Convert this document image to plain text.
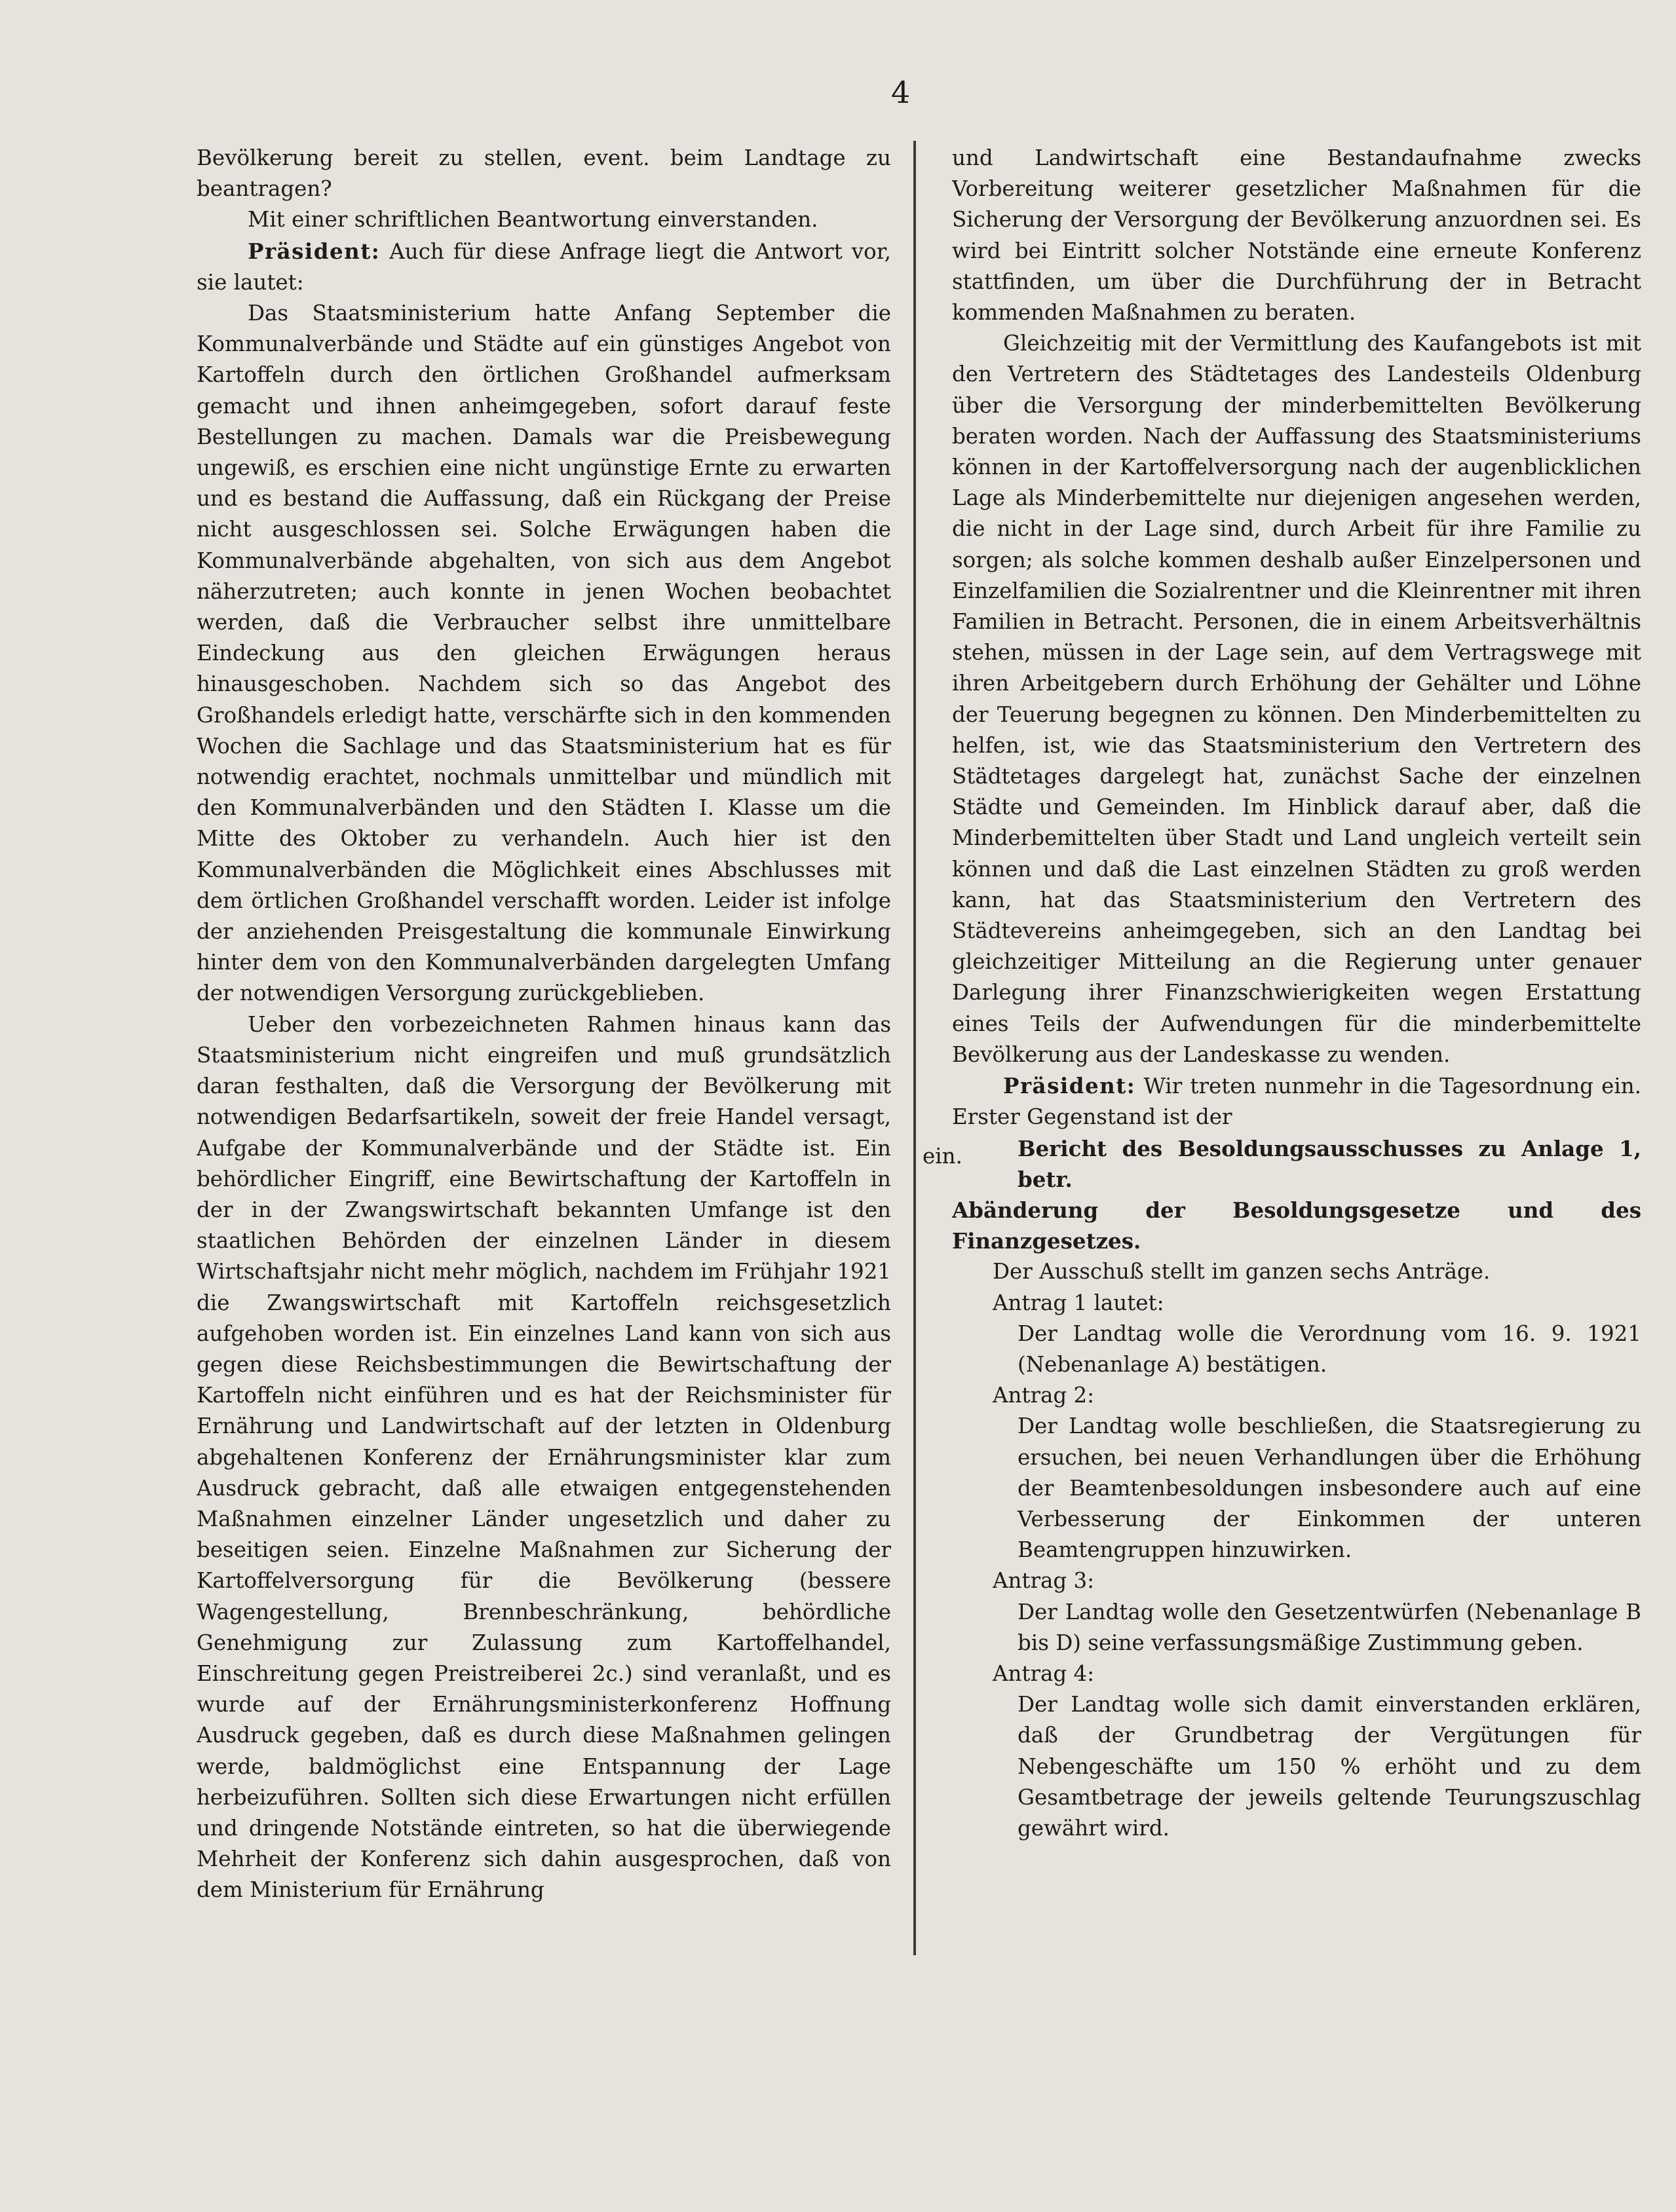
4

Bevölkerung bereit zu stellen, event. beim Landtage zu beantragen?

Mit einer schriftlichen Beantwortung einverstanden.

Präsident: Auch für diese Anfrage liegt die Antwort vor, sie lautet:

Das Staatsministerium hatte Anfang September die Kommunalverbände und Städte auf ein günstiges Angebot von Kartoffeln durch den örtlichen Großhandel aufmerksam gemacht und ihnen anheimgegeben, sofort darauf feste Bestellungen zu machen. Damals war die Preisbewegung ungewiß, es erschien eine nicht ungünstige Ernte zu erwarten und es bestand die Auffassung, daß ein Rückgang der Preise nicht ausgeschlossen sei. Solche Erwägungen haben die Kommunalverbände abgehalten, von sich aus dem Angebot näherzutreten; auch konnte in jenen Wochen beobachtet werden, daß die Verbraucher selbst ihre unmittelbare Eindeckung aus den gleichen Erwägungen heraus hinausgeschoben. Nachdem sich so das Angebot des Großhandels erledigt hatte, verschärfte sich in den kommenden Wochen die Sachlage und das Staatsministerium hat es für notwendig erachtet, nochmals unmittelbar und mündlich mit den Kommunalverbänden und den Städten I. Klasse um die Mitte des Oktober zu verhandeln. Auch hier ist den Kommunalverbänden die Möglichkeit eines Abschlusses mit dem örtlichen Großhandel verschafft worden. Leider ist infolge der anziehenden Preisgestaltung die kommunale Einwirkung hinter dem von den Kommunalverbänden dargelegten Umfang der notwendigen Versorgung zurückgeblieben.

Ueber den vorbezeichneten Rahmen hinaus kann das Staatsministerium nicht eingreifen und muß grundsätzlich daran festhalten, daß die Versorgung der Bevölkerung mit notwendigen Bedarfsartikeln, soweit der freie Handel versagt, Aufgabe der Kommunalverbände und der Städte ist. Ein behördlicher Eingriff, eine Bewirtschaftung der Kartoffeln in der in der Zwangswirtschaft bekannten Umfange ist den staatlichen Behörden der einzelnen Länder in diesem Wirtschaftsjahr nicht mehr möglich, nachdem im Frühjahr 1921 die Zwangswirtschaft mit Kartoffeln reichsgesetzlich aufgehoben worden ist. Ein einzelnes Land kann von sich aus gegen diese Reichsbestimmungen die Bewirtschaftung der Kartoffeln nicht einführen und es hat der Reichsminister für Ernährung und Landwirtschaft auf der letzten in Oldenburg abgehaltenen Konferenz der Ernährungsminister klar zum Ausdruck gebracht, daß alle etwaigen entgegenstehenden Maßnahmen einzelner Länder ungesetzlich und daher zu beseitigen seien. Einzelne Maßnahmen zur Sicherung der Kartoffelversorgung für die Bevölkerung (bessere Wagengestellung, Brennbeschränkung, behördliche Genehmigung zur Zulassung zum Kartoffelhandel, Einschreitung gegen Preistreiberei 2c.) sind veranlaßt, und es wurde auf der Ernährungsministerkonferenz Hoffnung Ausdruck gegeben, daß es durch diese Maßnahmen gelingen werde, baldmöglichst eine Entspannung der Lage herbeizuführen. Sollten sich diese Erwartungen nicht erfüllen und dringende Notstände eintreten, so hat die überwiegende Mehrheit der Konferenz sich dahin ausgesprochen, daß von dem Ministerium für Ernährung

ein.

und Landwirtschaft eine Bestandaufnahme zwecks Vorbereitung weiterer gesetzlicher Maßnahmen für die Sicherung der Versorgung der Bevölkerung anzuordnen sei. Es wird bei Eintritt solcher Notstände eine erneute Konferenz stattfinden, um über die Durchführung der in Betracht kommenden Maßnahmen zu beraten.

Gleichzeitig mit der Vermittlung des Kaufangebots ist mit den Vertretern des Städtetages des Landesteils Oldenburg über die Versorgung der minderbemittelten Bevölkerung beraten worden. Nach der Auffassung des Staatsministeriums können in der Kartoffelversorgung nach der augenblicklichen Lage als Minderbemittelte nur diejenigen angesehen werden, die nicht in der Lage sind, durch Arbeit für ihre Familie zu sorgen; als solche kommen deshalb außer Einzelpersonen und Einzelfamilien die Sozialrentner und die Kleinrentner mit ihren Familien in Betracht. Personen, die in einem Arbeitsverhältnis stehen, müssen in der Lage sein, auf dem Vertragswege mit ihren Arbeitgebern durch Erhöhung der Gehälter und Löhne der Teuerung begegnen zu können. Den Minderbemittelten zu helfen, ist, wie das Staatsministerium den Vertretern des Städtetages dargelegt hat, zunächst Sache der einzelnen Städte und Gemeinden. Im Hinblick darauf aber, daß die Minderbemittelten über Stadt und Land ungleich verteilt sein können und daß die Last einzelnen Städten zu groß werden kann, hat das Staatsministerium den Vertretern des Städtevereins anheimgegeben, sich an den Landtag bei gleichzeitiger Mitteilung an die Regierung unter genauer Darlegung ihrer Finanzschwierigkeiten wegen Erstattung eines Teils der Aufwendungen für die minderbemittelte Bevölkerung aus der Landeskasse zu wenden.

Präsident: Wir treten nunmehr in die Tagesordnung ein. Erster Gegenstand ist der

Bericht des Besoldungsausschusses zu Anlage 1, betr.

Abänderung der Besoldungsgesetze und des Finanzgesetzes.

Der Ausschuß stellt im ganzen sechs Anträge.

Antrag 1 lautet:

Der Landtag wolle die Verordnung vom 16. 9. 1921 (Nebenanlage A) bestätigen.

Antrag 2:

Der Landtag wolle beschließen, die Staatsregierung zu ersuchen, bei neuen Verhandlungen über die Erhöhung der Beamtenbesoldungen insbesondere auch auf eine Verbesserung der Einkommen der unteren Beamtengruppen hinzuwirken.

Antrag 3:

Der Landtag wolle den Gesetzentwürfen (Nebenanlage B bis D) seine verfassungsmäßige Zustimmung geben.

Antrag 4:

Der Landtag wolle sich damit einverstanden erklären, daß der Grundbetrag der Vergütungen für Nebengeschäfte um 150 % erhöht und zu dem Gesamtbetrage der jeweils geltende Teurungszuschlag gewährt wird.
